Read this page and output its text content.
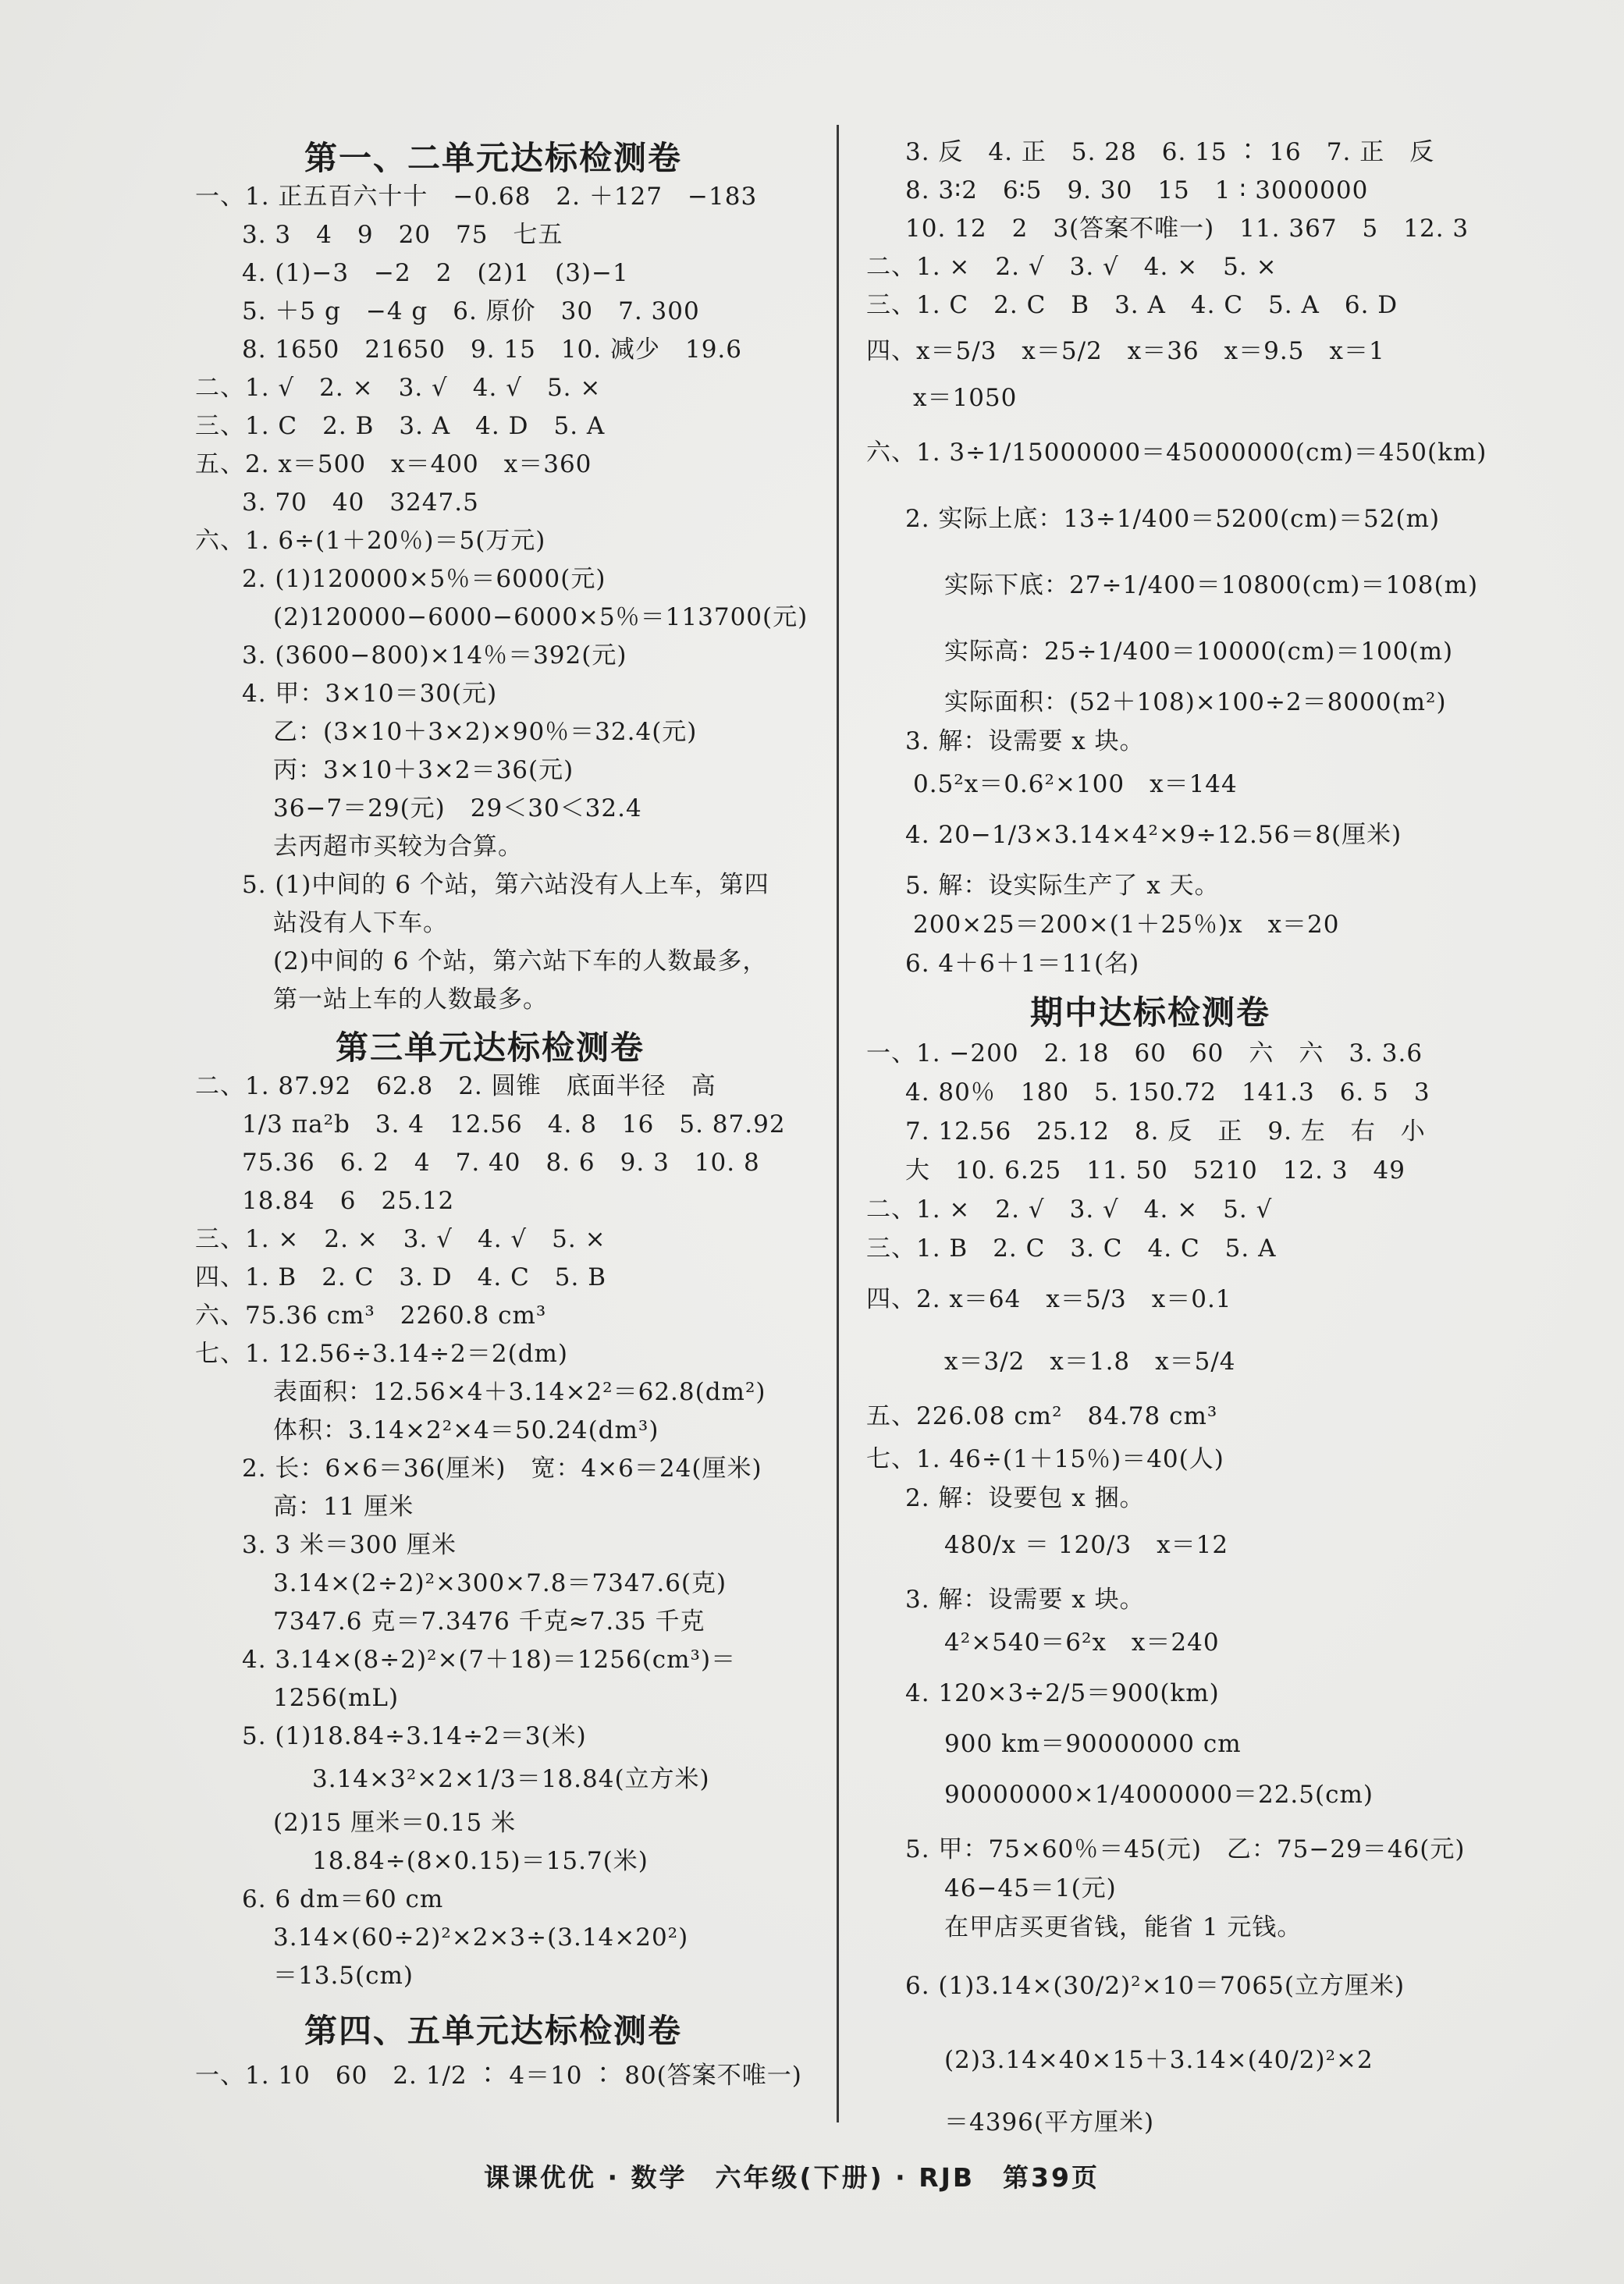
第一、二单元达标检测卷
一、1. 正五百六十十　−0.68　2. ＋127　−183
3. 3　4　9　20　75　七五
4. (1)−3　−2　2　(2)1　(3)−1
5. ＋5 g　−4 g　6. 原价　30　7. 300
8. 1650　21650　9. 15　10. 减少　19.6
二、1. √　2. ×　3. √　4. √　5. ×
三、1. C　2. B　3. A　4. D　5. A
五、2. x＝500　x＝400　x＝360
3. 70　40　3247.5
六、1. 6÷(1＋20％)＝5(万元)
2. (1)120000×5％＝6000(元)
(2)120000−6000−6000×5％＝113700(元)
3. (3600−800)×14％＝392(元)
4. 甲：3×10＝30(元)
乙：(3×10＋3×2)×90％＝32.4(元)
丙：3×10＋3×2＝36(元)
36−7＝29(元)　29＜30＜32.4
去丙超市买较为合算。
5. (1)中间的 6 个站，第六站没有人上车，第四
站没有人下车。
(2)中间的 6 个站，第六站下车的人数最多，
第一站上车的人数最多。
第三单元达标检测卷
二、1. 87.92　62.8　2. 圆锥　底面半径　高
1/3 πa²b　3. 4　12.56　4. 8　16　5. 87.92
75.36　6. 2　4　7. 40　8. 6　9. 3　10. 8
18.84　6　25.12
三、1. ×　2. ×　3. √　4. √　5. ×
四、1. B　2. C　3. D　4. C　5. B
六、75.36 cm³　2260.8 cm³
七、1. 12.56÷3.14÷2＝2(dm)
表面积：12.56×4＋3.14×2²＝62.8(dm²)
体积：3.14×2²×4＝50.24(dm³)
2. 长：6×6＝36(厘米)　宽：4×6＝24(厘米)
高：11 厘米
3. 3 米＝300 厘米
3.14×(2÷2)²×300×7.8＝7347.6(克)
7347.6 克＝7.3476 千克≈7.35 千克
4. 3.14×(8÷2)²×(7＋18)＝1256(cm³)＝
1256(mL)
5. (1)18.84÷3.14÷2＝3(米)
3.14×3²×2×1/3＝18.84(立方米)
(2)15 厘米＝0.15 米
18.84÷(8×0.15)＝15.7(米)
6. 6 dm＝60 cm
3.14×(60÷2)²×2×3÷(3.14×20²)
＝13.5(cm)
第四、五单元达标检测卷
一、1. 10　60　2. 1/2 ∶ 4＝10 ∶ 80(答案不唯一)
3. 反　4. 正　5. 28　6. 15 ∶ 16　7. 正　反
8. 3∶2　6∶5　9. 30　15　1 ∶ 3000000
10. 12　2　3(答案不唯一)　11. 367　5　12. 3
二、1. ×　2. √　3. √　4. ×　5. ×
三、1. C　2. C　B　3. A　4. C　5. A　6. D
四、x＝5/3　x＝5/2　x＝36　x＝9.5　x＝1
x＝1050
六、1. 3÷1/15000000＝45000000(cm)＝450(km)
2. 实际上底：13÷1/400＝5200(cm)＝52(m)
实际下底：27÷1/400＝10800(cm)＝108(m)
实际高：25÷1/400＝10000(cm)＝100(m)
实际面积：(52＋108)×100÷2＝8000(m²)
3. 解：设需要 x 块。
0.5²x＝0.6²×100　x＝144
4. 20−1/3×3.14×4²×9÷12.56＝8(厘米)
5. 解：设实际生产了 x 天。
200×25＝200×(1＋25％)x　x＝20
6. 4＋6＋1＝11(名)
期中达标检测卷
一、1. −200　2. 18　60　60　六　六　3. 3.6
4. 80％　180　5. 150.72　141.3　6. 5　3
7. 12.56　25.12　8. 反　正　9. 左　右　小
大　10. 6.25　11. 50　5210　12. 3　49
二、1. ×　2. √　3. √　4. ×　5. √
三、1. B　2. C　3. C　4. C　5. A
四、2. x＝64　x＝5/3　x＝0.1
x＝3/2　x＝1.8　x＝5/4
五、226.08 cm²　84.78 cm³
七、1. 46÷(1＋15％)＝40(人)
2. 解：设要包 x 捆。
480/x ＝ 120/3　x＝12
3. 解：设需要 x 块。
4²×540＝6²x　x＝240
4. 120×3÷2/5＝900(km)
900 km＝90000000 cm
90000000×1/4000000＝22.5(cm)
5. 甲：75×60％＝45(元)　乙：75−29＝46(元)
46−45＝1(元)
在甲店买更省钱，能省 1 元钱。
6. (1)3.14×(30/2)²×10＝7065(立方厘米)
(2)3.14×40×15＋3.14×(40/2)²×2
＝4396(平方厘米)
课课优优 · 数学　六年级(下册) · RJB　第39页
